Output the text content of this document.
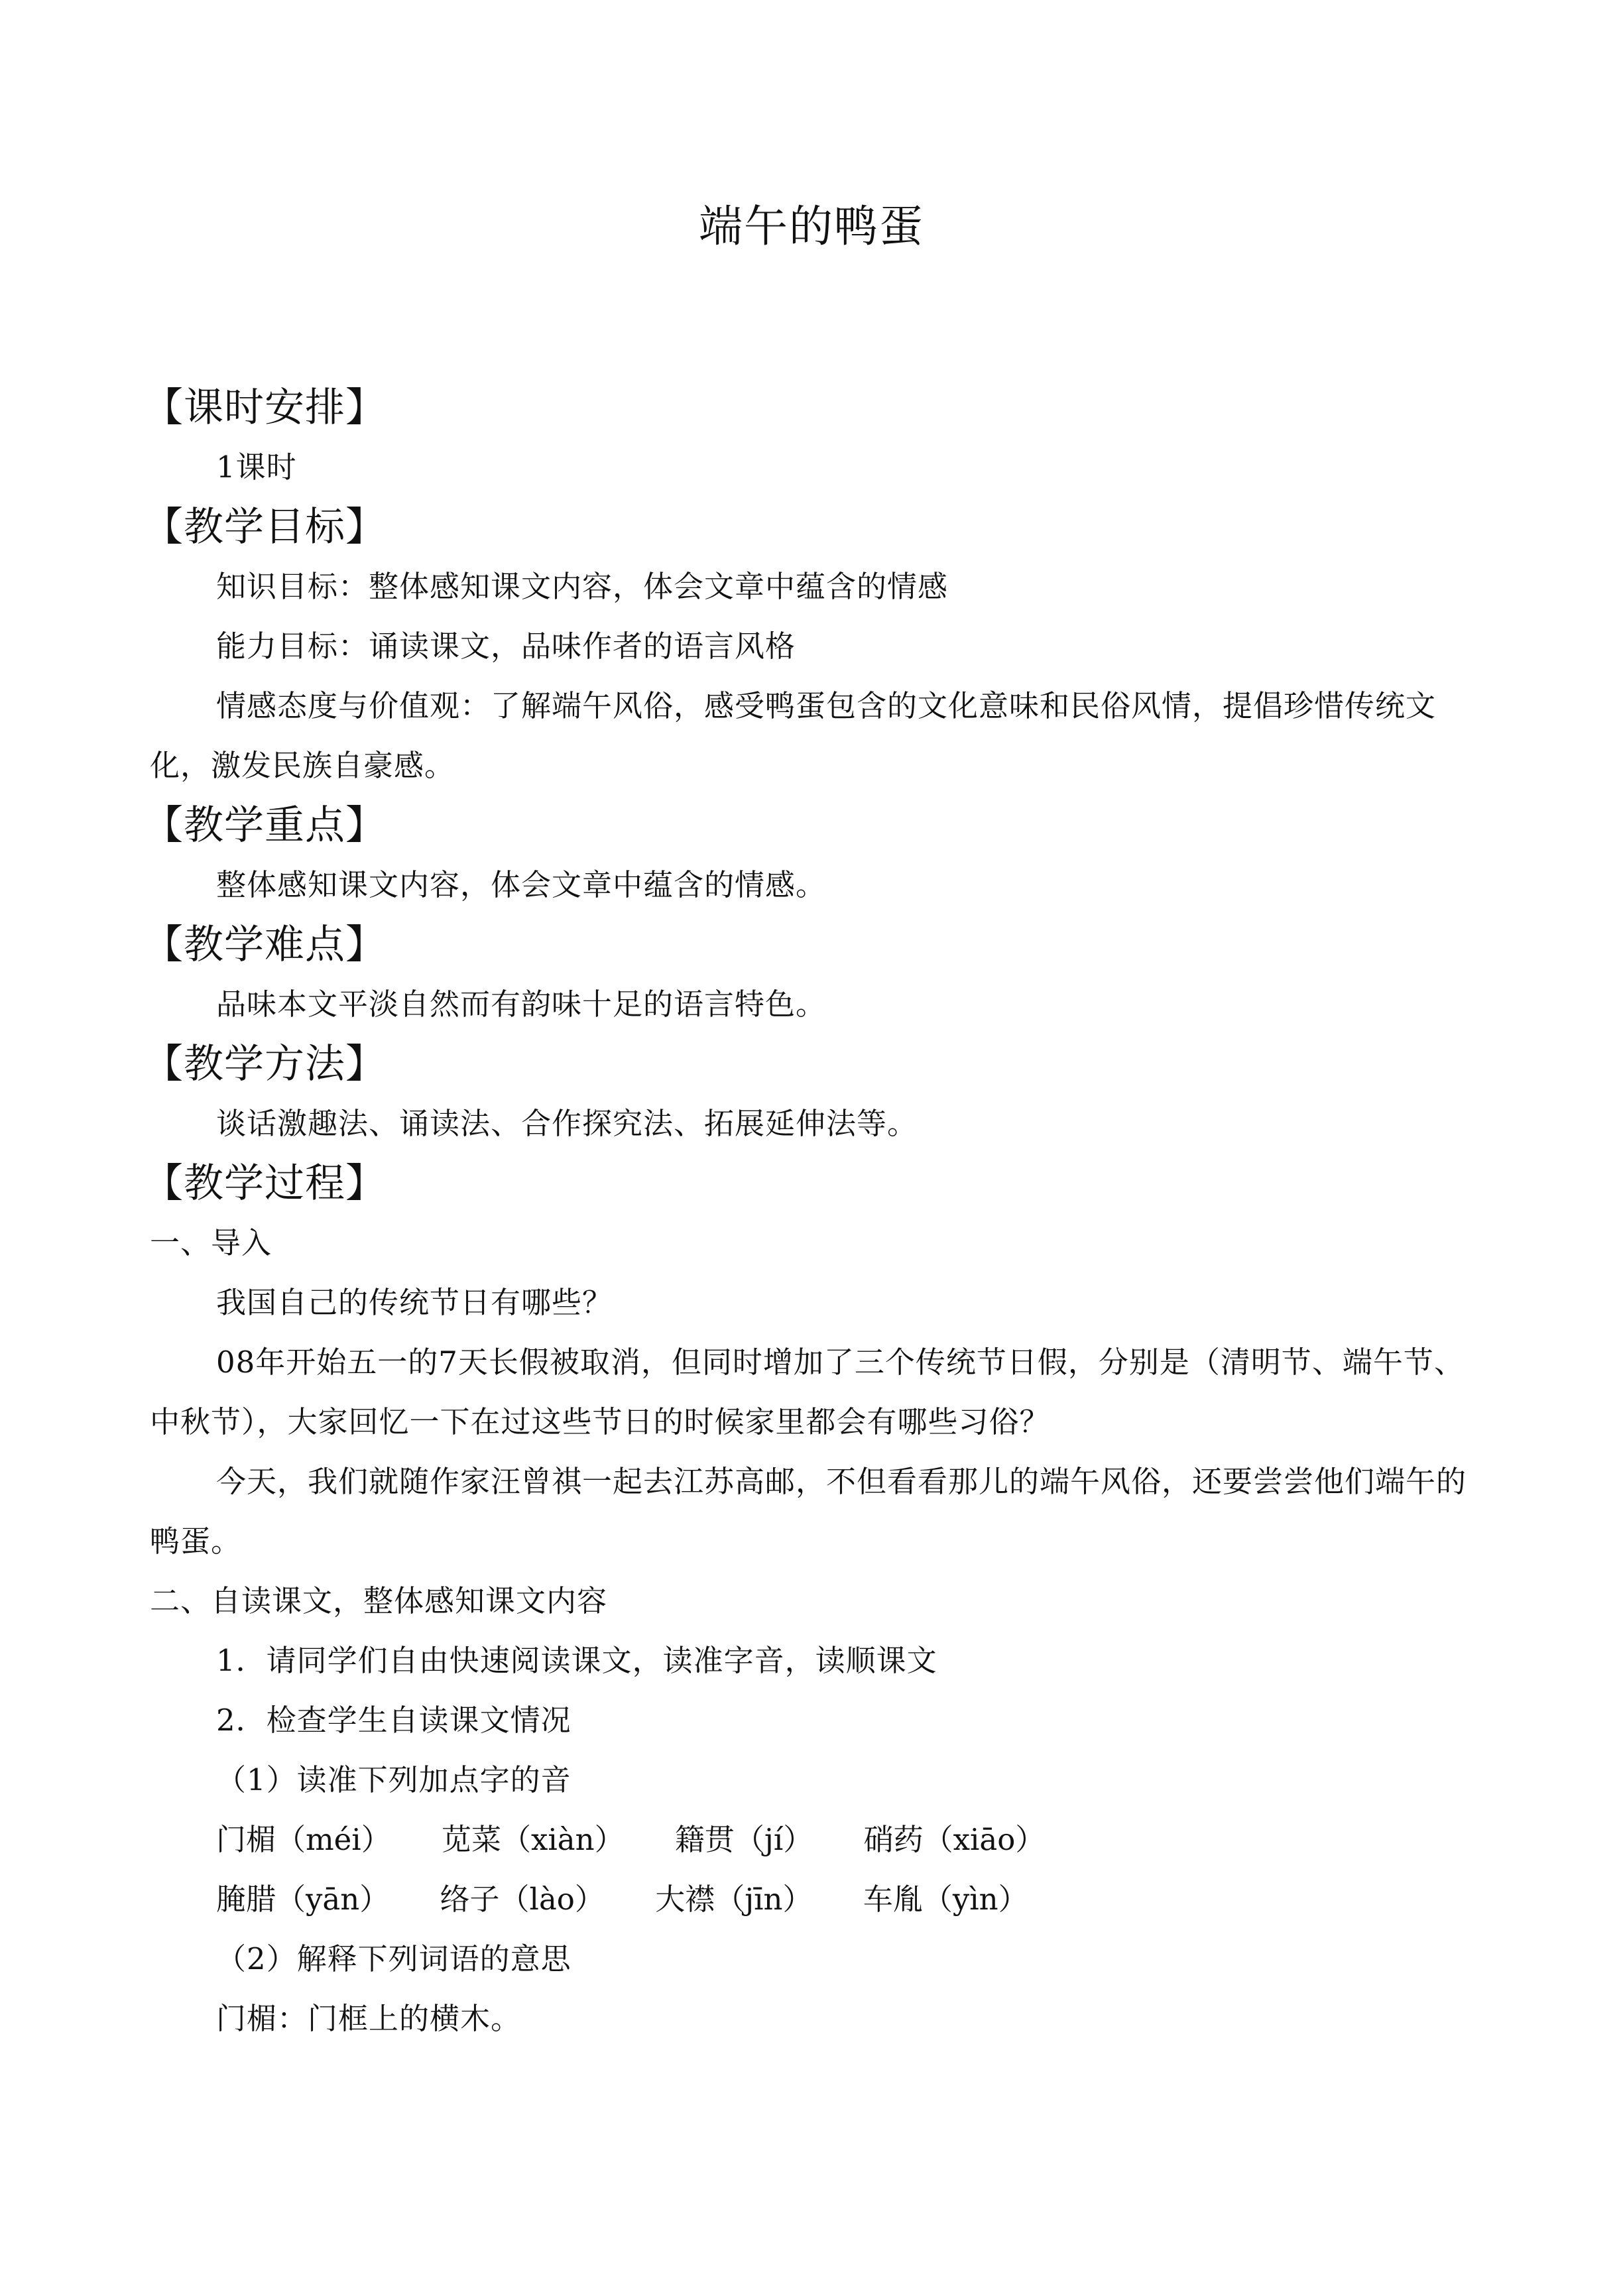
端午的鸭蛋
【课时安排】
1课时
【教学目标】
知识目标：整体感知课文内容，体会文章中蕴含的情感
能力目标：诵读课文，品味作者的语言风格
情感态度与价值观：了解端午风俗，感受鸭蛋包含的文化意味和民俗风情，提倡珍惜传统文化，激发民族自豪感。
【教学重点】
整体感知课文内容，体会文章中蕴含的情感。
【教学难点】
品味本文平淡自然而有韵味十足的语言特色。
【教学方法】
谈话激趣法、诵读法、合作探究法、拓展延伸法等。
【教学过程】
一、导入
我国自己的传统节日有哪些？
08年开始五一的7天长假被取消，但同时增加了三个传统节日假，分别是（清明节、端午节、中秋节），大家回忆一下在过这些节日的时候家里都会有哪些习俗？
今天，我们就随作家汪曾祺一起去江苏高邮，不但看看那儿的端午风俗，还要尝尝他们端午的鸭蛋。
二、自读课文，整体感知课文内容
1．请同学们自由快速阅读课文，读准字音，读顺课文
2．检查学生自读课文情况
（1）读准下列加点字的音
门楣（méi） 苋菜（xiàn） 籍贯（jí） 硝药（xiāo）
腌腊（yān） 络子（lào） 大襟（jīn） 车胤（yìn）
（2）解释下列词语的意思
门楣：门框上的横木。
